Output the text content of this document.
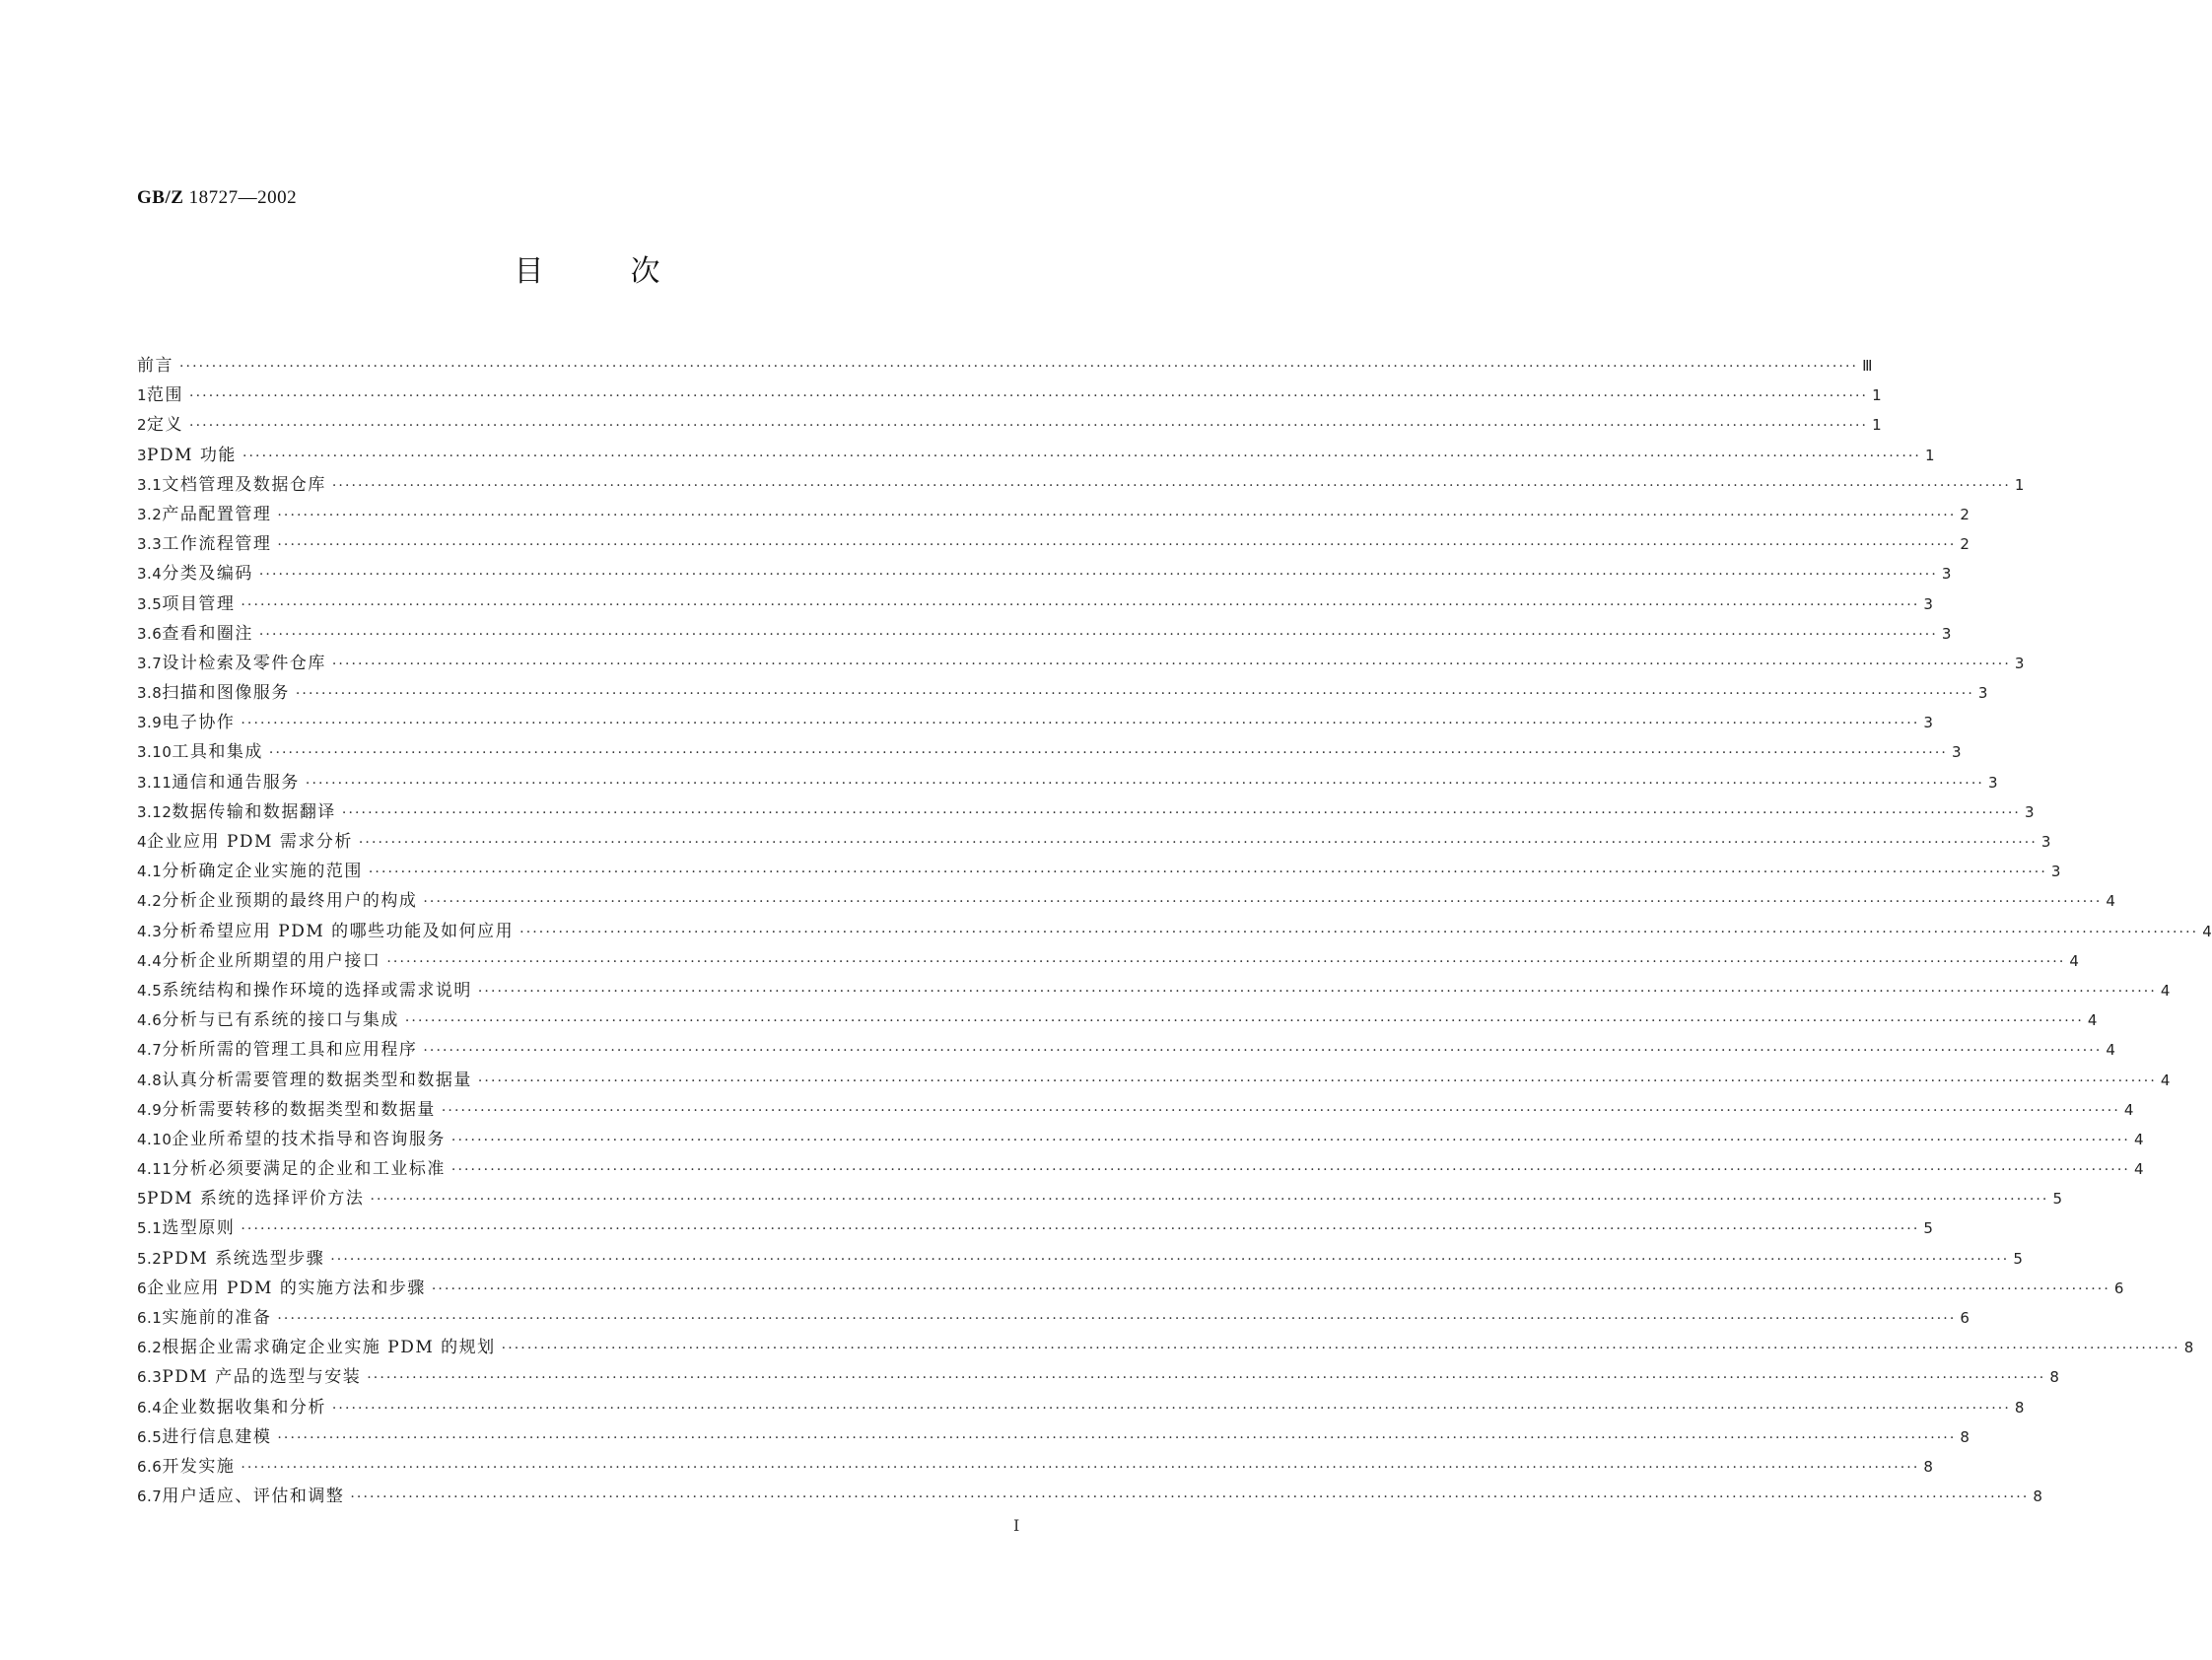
GB/Z 18727—2002
目次
前言 ···································································································································································································································································· Ⅲ
1 范围 ···································································································································································································································································· 1
2 定义 ···································································································································································································································································· 1
3 PDM 功能 ···································································································································································································································································· 1
3.1 文档管理及数据仓库 ···································································································································································································································································· 1
3.2 产品配置管理 ···································································································································································································································································· 2
3.3 工作流程管理 ···································································································································································································································································· 2
3.4 分类及编码 ···································································································································································································································································· 3
3.5 项目管理 ···································································································································································································································································· 3
3.6 查看和圈注 ···································································································································································································································································· 3
3.7 设计检索及零件仓库 ···································································································································································································································································· 3
3.8 扫描和图像服务 ···································································································································································································································································· 3
3.9 电子协作 ···································································································································································································································································· 3
3.10 工具和集成 ···································································································································································································································································· 3
3.11 通信和通告服务 ···································································································································································································································································· 3
3.12 数据传输和数据翻译 ···································································································································································································································································· 3
4 企业应用 PDM 需求分析 ···································································································································································································································································· 3
4.1 分析确定企业实施的范围 ···································································································································································································································································· 3
4.2 分析企业预期的最终用户的构成 ···································································································································································································································································· 4
4.3 分析希望应用 PDM 的哪些功能及如何应用 ···································································································································································································································································· 4
4.4 分析企业所期望的用户接口 ···································································································································································································································································· 4
4.5 系统结构和操作环境的选择或需求说明 ···································································································································································································································································· 4
4.6 分析与已有系统的接口与集成 ···································································································································································································································································· 4
4.7 分析所需的管理工具和应用程序 ···································································································································································································································································· 4
4.8 认真分析需要管理的数据类型和数据量 ···································································································································································································································································· 4
4.9 分析需要转移的数据类型和数据量 ···································································································································································································································································· 4
4.10 企业所希望的技术指导和咨询服务 ···································································································································································································································································· 4
4.11 分析必须要满足的企业和工业标准 ···································································································································································································································································· 4
5 PDM 系统的选择评价方法 ···································································································································································································································································· 5
5.1 选型原则 ···································································································································································································································································· 5
5.2 PDM 系统选型步骤 ···································································································································································································································································· 5
6 企业应用 PDM 的实施方法和步骤 ···································································································································································································································································· 6
6.1 实施前的准备 ···································································································································································································································································· 6
6.2 根据企业需求确定企业实施 PDM 的规划 ···································································································································································································································································· 8
6.3 PDM 产品的选型与安装 ···································································································································································································································································· 8
6.4 企业数据收集和分析 ···································································································································································································································································· 8
6.5 进行信息建模 ···································································································································································································································································· 8
6.6 开发实施 ···································································································································································································································································· 8
6.7 用户适应、评估和调整 ···································································································································································································································································· 8
Ⅰ
